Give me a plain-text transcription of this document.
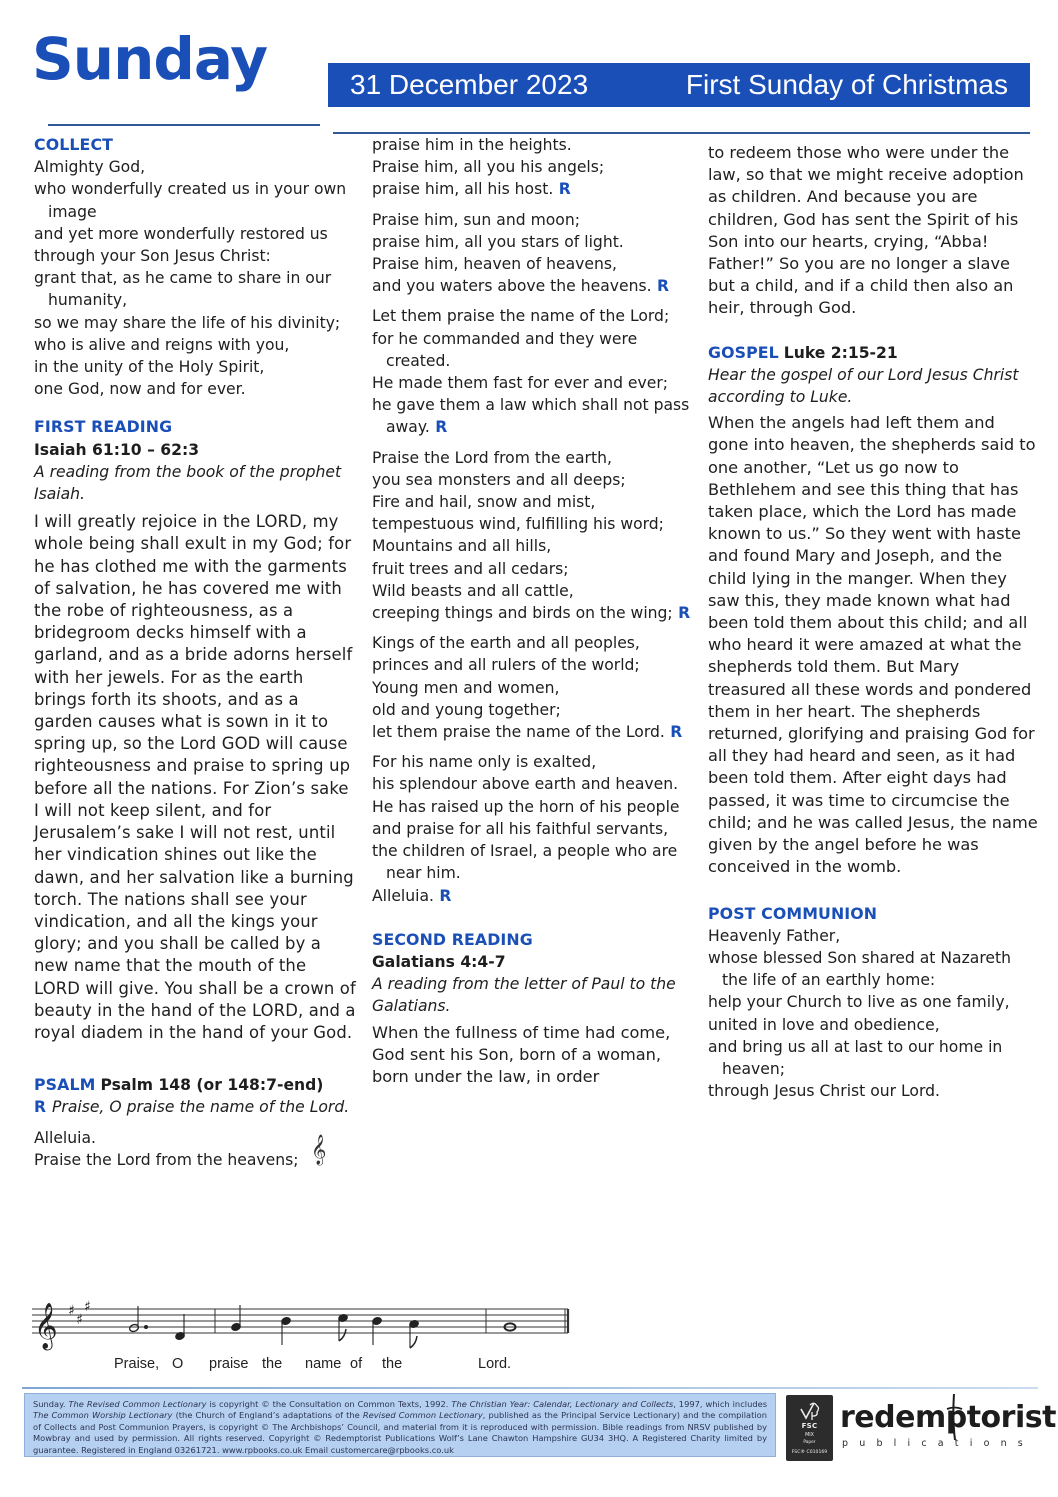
Sunday	31 December 2023	First Sunday of Christmas
COLLECT
Almighty God,
who wonderfully created us in your own image
and yet more wonderfully restored us
through your Son Jesus Christ:
grant that, as he came to share in our humanity,
so we may share the life of his divinity;
who is alive and reigns with you,
in the unity of the Holy Spirit,
one God, now and for ever.
FIRST READING
Isaiah 61:10 – 62:3
A reading from the book of the prophet Isaiah.
I will greatly rejoice in the LORD, my whole being shall exult in my God; for he has clothed me with the garments of salvation, he has covered me with the robe of righteousness, as a bridegroom decks himself with a garland, and as a bride adorns herself with her jewels. For as the earth brings forth its shoots, and as a garden causes what is sown in it to spring up, so the Lord GOD will cause righteousness and praise to spring up before all the nations. For Zion’s sake I will not keep silent, and for Jerusalem’s sake I will not rest, until her vindication shines out like the dawn, and her salvation like a burning torch. The nations shall see your vindication, and all the kings your glory; and you shall be called by a new name that the mouth of the LORD will give. You shall be a crown of beauty in the hand of the LORD, and a royal diadem in the hand of your God.
PSALM Psalm 148 (or 148:7-end)
R Praise, O praise the name of the Lord.
Alleluia.
Praise the Lord from the heavens; 𝄞
praise him in the heights.
Praise him, all you his angels;
praise him, all his host. R
Praise him, sun and moon;
praise him, all you stars of light.
Praise him, heaven of heavens,
and you waters above the heavens. R
Let them praise the name of the Lord;
for he commanded and they were created.
He made them fast for ever and ever;
he gave them a law which shall not pass away. R
Praise the Lord from the earth,
you sea monsters and all deeps;
Fire and hail, snow and mist,
tempestuous wind, fulfilling his word;
Mountains and all hills,
fruit trees and all cedars;
Wild beasts and all cattle,
creeping things and birds on the wing; R
Kings of the earth and all peoples,
princes and all rulers of the world;
Young men and women,
old and young together;
let them praise the name of the Lord. R
For his name only is exalted,
his splendour above earth and heaven.
He has raised up the horn of his people
and praise for all his faithful servants,
the children of Israel, a people who are near him.
Alleluia. R
SECOND READING
Galatians 4:4-7
A reading from the letter of Paul to the Galatians.
When the fullness of time had come, God sent his Son, born of a woman, born under the law, in order
to redeem those who were under the law, so that we might receive adoption as children. And because you are children, God has sent the Spirit of his Son into our hearts, crying, “Abba! Father!” So you are no longer a slave but a child, and if a child then also an heir, through God.
GOSPEL Luke 2:15-21
Hear the gospel of our Lord Jesus Christ according to Luke.
When the angels had left them and gone into heaven, the shepherds said to one another, “Let us go now to Bethlehem and see this thing that has taken place, which the Lord has made known to us.” So they went with haste and found Mary and Joseph, and the child lying in the manger. When they saw this, they made known what had been told them about this child; and all who heard it were amazed at what the shepherds told them. But Mary treasured all these words and pondered them in her heart. The shepherds returned, glorifying and praising God for all they had heard and seen, as it had been told them. After eight days had passed, it was time to circumcise the child; and he was called Jesus, the name given by the angel before he was conceived in the womb.
POST COMMUNION
Heavenly Father,
whose blessed Son shared at Nazareth the life of an earthly home:
help your Church to live as one family,
united in love and obedience,
and bring us all at last to our home in heaven;
through Jesus Christ our Lord.
𝄞 ♯
♯
♯
Praise, O praise the name of the	Lord.
Sunday. The Revised Common Lectionary is copyright © the Consultation on Common Texts, 1992. The Christian Year: Calendar, Lectionary and Collects, 1997, which includes The Common Worship Lectionary (the Church of England’s adaptations of the Revised Common Lectionary, published as the Principal Service Lectionary) and the compilation of Collects and Post Communion Prayers, is copyright © The Archbishops’ Council, and material from it is reproduced with permission. Bible readings from NRSV published by Mowbray and used by permission. All rights reserved. Copyright © Redemptorist Publications Wolf’s Lane Chawton Hampshire GU34 3HQ. A Registered Charity limited by guarantee. Registered in England 03261721. www.rpbooks.co.uk Email customercare@rpbooks.co.uk
FSC
MIX
Paper
FSC® C010169
redemptorist
publications
